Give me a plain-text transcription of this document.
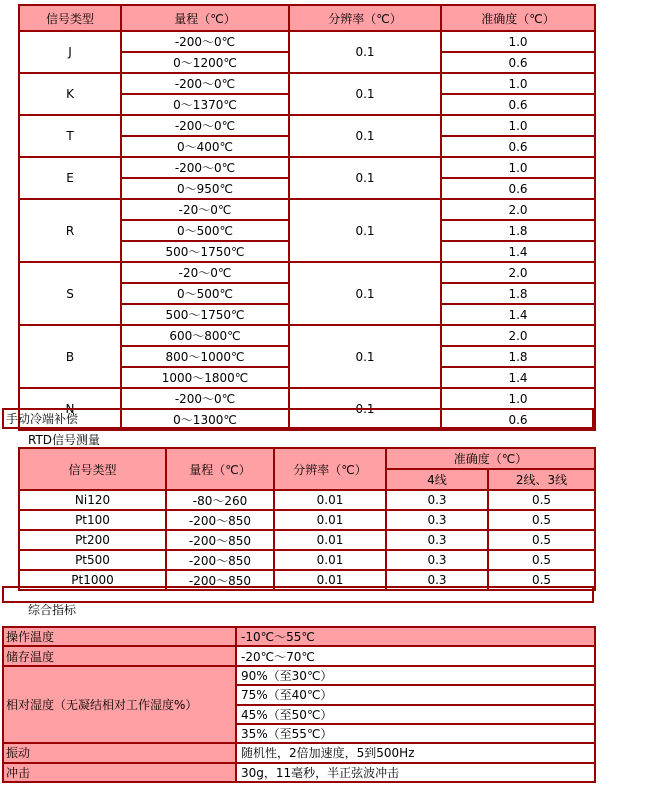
信号类型	量程（℃）	分辨率（℃）	准确度（℃）
J	-200～0℃	0.1	1.0
	0～1200℃		0.6
K	-200～0℃	0.1	1.0
	0～1370℃		0.6
T	-200～0℃	0.1	1.0
	0～400℃		0.6
E	-200～0℃	0.1	1.0
	0～950℃		0.6
R	-20～0℃	0.1	2.0
	0～500℃		1.8
	500～1750℃		1.4
S	-20～0℃	0.1	2.0
	0～500℃		1.8
	500～1750℃		1.4
B	600～800℃	0.1	2.0
	800～1000℃		1.8
	1000～1800℃		1.4
N	-200～0℃	0.1	1.0
	0～1300℃		0.6
手动冷端补偿
RTD信号测量
信号类型	量程（℃）	分辨率（℃）	准确度（℃）	
			4线	2线、3线
Ni120	-80～260	0.01	0.3	0.5
Pt100	-200～850	0.01	0.3	0.5
Pt200	-200～850	0.01	0.3	0.5
Pt500	-200～850	0.01	0.3	0.5
Pt1000	-200～850	0.01	0.3	0.5
综合指标
操作温度	-10℃～55℃
储存温度	-20℃～70℃
相对湿度（无凝结相对工作湿度%）	90%（至30℃）
	75%（至40℃）
	45%（至50℃）
	35%（至55℃）
振动	随机性，2倍加速度，5到500Hz
冲击	30g，11毫秒，半正弦波冲击
